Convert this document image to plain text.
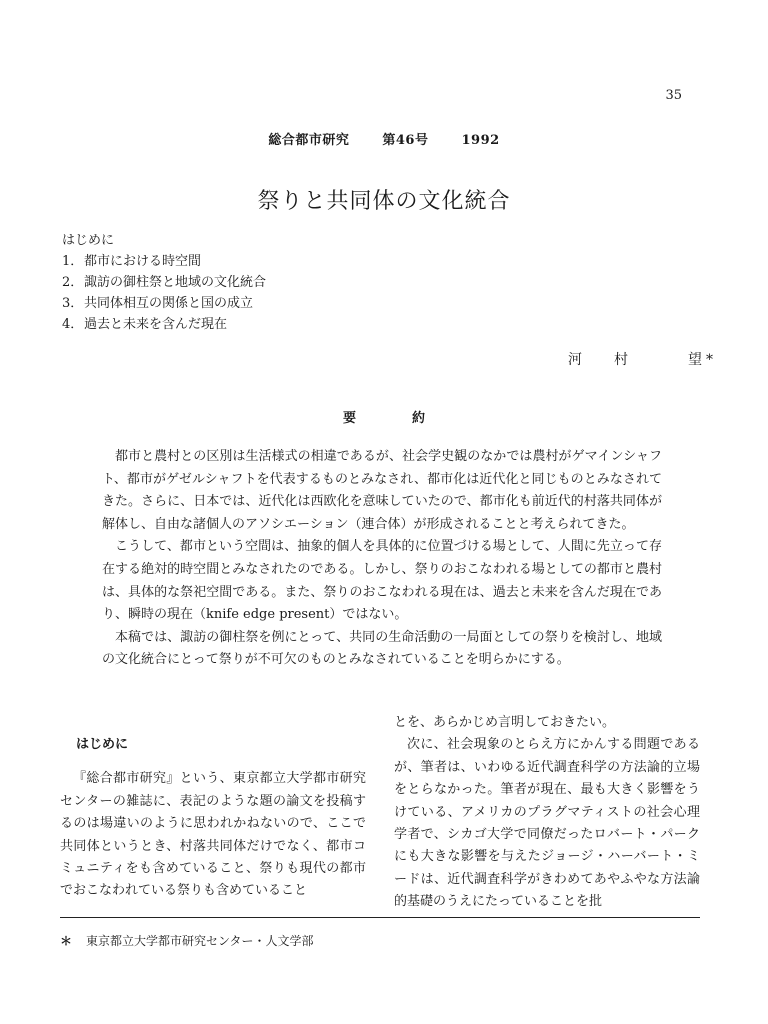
35
総合都市研究	第46号	1992
祭りと共同体の文化統合
はじめに
1．都市における時空間
2．諏訪の御柱祭と地域の文化統合
3．共同体相互の関係と国の成立
4．過去と未来を含んだ現在
河 村	望*
要	約

都市と農村との区別は生活様式の相違であるが、社会学史観のなかでは農村がゲマインシャフト、都市がゲゼルシャフトを代表するものとみなされ、都市化は近代化と同じものとみなされてきた。さらに、日本では、近代化は西欧化を意味していたので、都市化も前近代的村落共同体が解体し、自由な諸個人のアソシエーション（連合体）が形成されることと考えられてきた。

こうして、都市という空間は、抽象的個人を具体的に位置づける場として、人間に先立って存在する絶対的時空間とみなされたのである。しかし、祭りのおこなわれる場としての都市と農村は、具体的な祭祀空間である。また、祭りのおこなわれる現在は、過去と未来を含んだ現在であり、瞬時の現在（knife edge present）ではない。

本稿では、諏訪の御柱祭を例にとって、共同の生命活動の一局面としての祭りを検討し、地域の文化統合にとって祭りが不可欠のものとみなされていることを明らかにする。

はじめに

『総合都市研究』という、東京都立大学都市研究センターの雑誌に、表記のような題の論文を投稿するのは場違いのように思われかねないので、ここで共同体というとき、村落共同体だけでなく、都市コミュニティをも含めていること、祭りも現代の都市でおこなわれている祭りも含めていること

とを、あらかじめ言明しておきたい。

次に、社会現象のとらえ方にかんする問題であるが、筆者は、いわゆる近代調査科学の方法論的立場をとらなかった。筆者が現在、最も大きく影響をうけている、アメリカのプラグマティストの社会心理学者で、シカゴ大学で同僚だったロバート・パークにも大きな影響を与えたジョージ・ハーバート・ミードは、近代調査科学がきわめてあやふやな方法論的基礎のうえにたっていることを批

＊ 東京都立大学都市研究センター・人文学部
